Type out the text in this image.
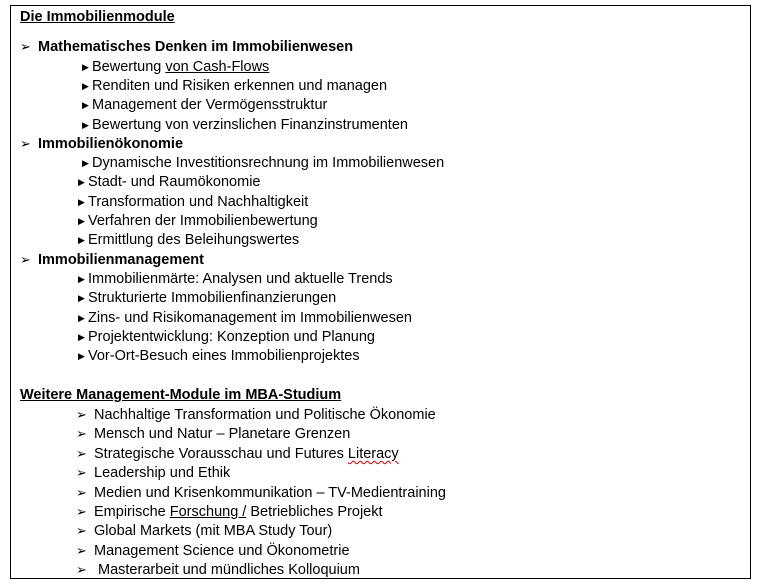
Die Immobilienmodule
➢ Mathematisches Denken im Immobilienwesen
▶ Bewertung von Cash-Flows
▶ Renditen und Risiken erkennen und managen
▶ Management der Vermögensstruktur
▶ Bewertung von verzinslichen Finanzinstrumenten
➢ Immobilienökonomie
▶ Dynamische Investitionsrechnung im Immobilienwesen
▶ Stadt- und Raumökonomie
▶ Transformation und Nachhaltigkeit
▶ Verfahren der Immobilienbewertung
▶ Ermittlung des Beleihungswertes
➢ Immobilienmanagement
▶ Immobilienmärte: Analysen und aktuelle Trends
▶ Strukturierte Immobilienfinanzierungen
▶ Zins- und Risikomanagement im Immobilienwesen
▶ Projektentwicklung: Konzeption und Planung
▶ Vor-Ort-Besuch eines Immobilienprojektes
Weitere Management-Module im MBA-Studium
➢ Nachhaltige Transformation und Politische Ökonomie
➢ Mensch und Natur – Planetare Grenzen
➢ Strategische Vorausschau und Futures Literacy
➢ Leadership und Ethik
➢ Medien und Krisenkommunikation – TV-Medientraining
➢ Empirische Forschung / Betriebliches Projekt
➢ Global Markets (mit MBA Study Tour)
➢ Management Science und Ökonometrie
➢ Masterarbeit und mündliches Kolloquium
